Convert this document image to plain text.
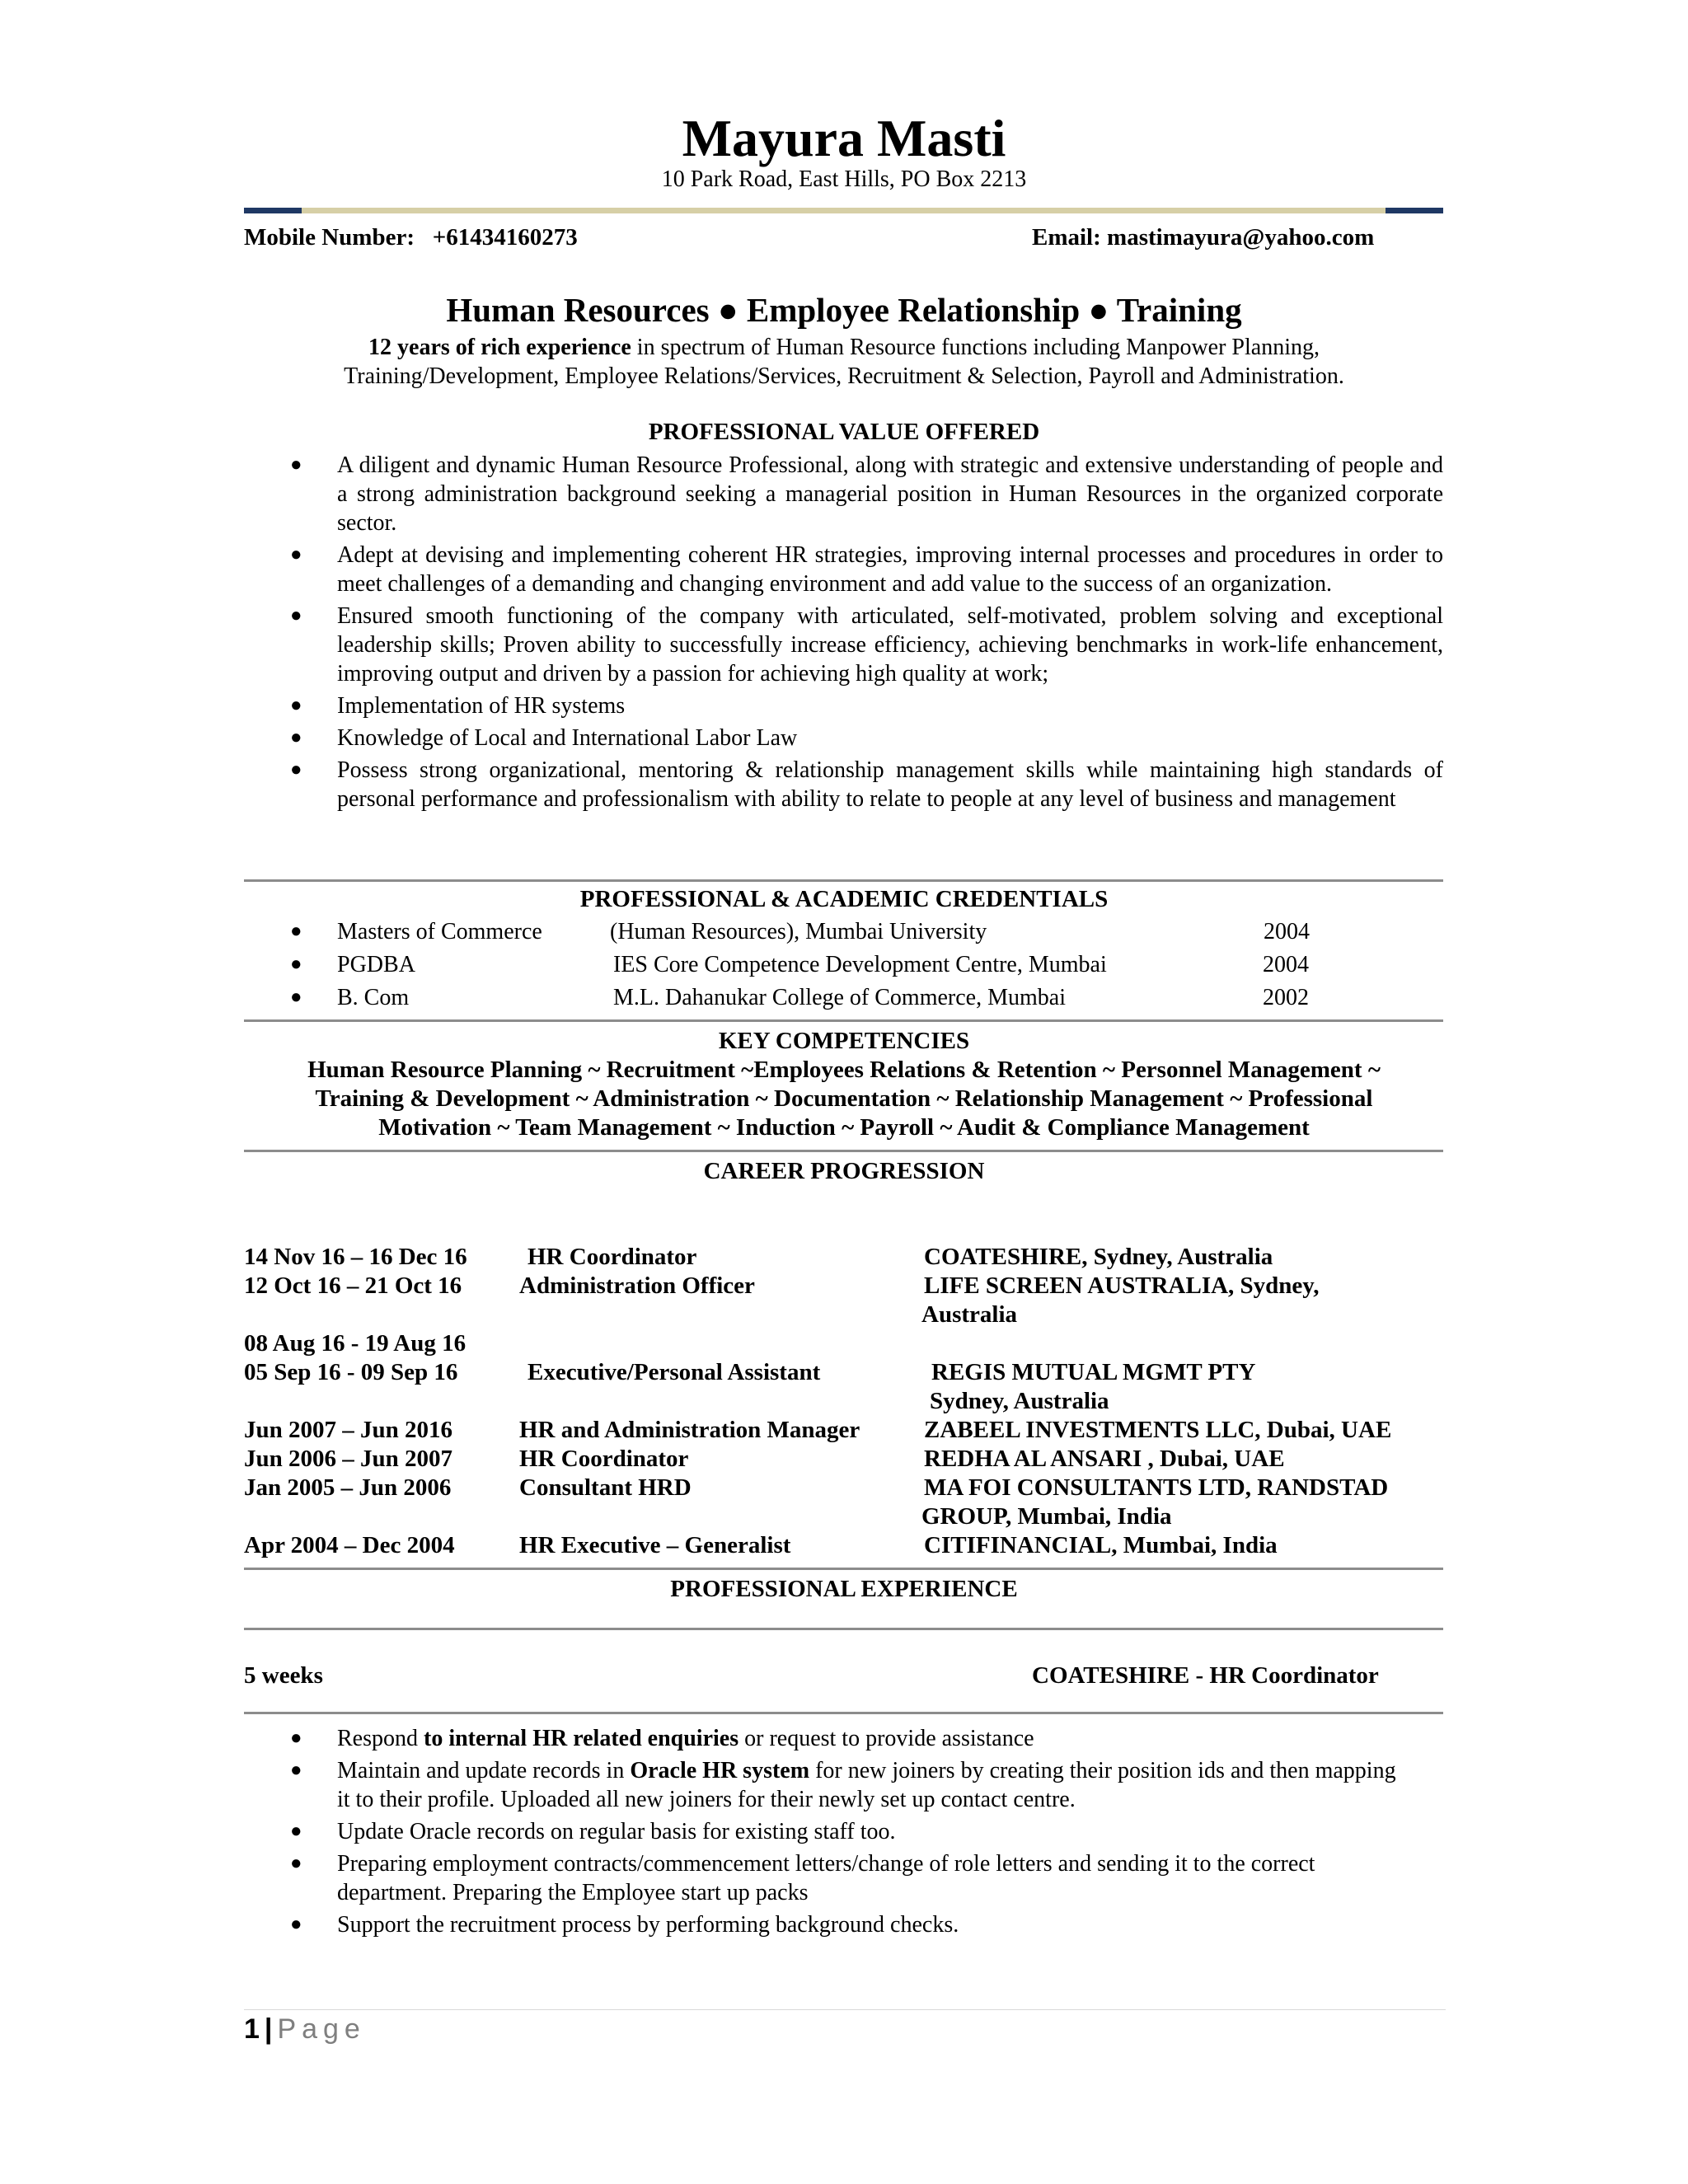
Mayura Masti
10 Park Road, East Hills, PO Box 2213
Mobile Number: +61434160273	Email: mastimayura@yahoo.com
Human Resources ● Employee Relationship ● Training
12 years of rich experience in spectrum of Human Resource functions including Manpower Planning,
Training/Development, Employee Relations/Services, Recruitment & Selection, Payroll and Administration.
PROFESSIONAL VALUE OFFERED
● A diligent and dynamic Human Resource Professional, along with strategic and extensive understanding of people and a strong administration background seeking a managerial position in Human Resources in the organized corporate sector.
● Adept at devising and implementing coherent HR strategies, improving internal processes and procedures in order to meet challenges of a demanding and changing environment and add value to the success of an organization.
● Ensured smooth functioning of the company with articulated, self-motivated, problem solving and exceptional leadership skills; Proven ability to successfully increase efficiency, achieving benchmarks in work-life enhancement, improving output and driven by a passion for achieving high quality at work;
● Implementation of HR systems
● Knowledge of Local and International Labor Law
● Possess strong organizational, mentoring & relationship management skills while maintaining high standards of personal performance and professionalism with ability to relate to people at any level of business and management
PROFESSIONAL & ACADEMIC CREDENTIALS
● Masters of Commerce	(Human Resources), Mumbai University	2004
● PGDBA	IES Core Competence Development Centre, Mumbai	2004
● B. Com	M.L. Dahanukar College of Commerce, Mumbai	2002
KEY COMPETENCIES
Human Resource Planning ~ Recruitment ~Employees Relations & Retention ~ Personnel Management ~
Training & Development ~ Administration ~ Documentation ~ Relationship Management ~ Professional
Motivation ~ Team Management ~ Induction ~ Payroll ~ Audit & Compliance Management
CAREER PROGRESSION
14 Nov 16 – 16 Dec 16	HR Coordinator	COATESHIRE, Sydney, Australia
12 Oct 16 – 21 Oct 16 Administration Officer	LIFE SCREEN AUSTRALIA, Sydney,
Australia
08 Aug 16 - 19 Aug 16
05 Sep 16 - 09 Sep 16	Executive/Personal Assistant	REGIS MUTUAL MGMT PTY
Sydney, Australia
Jun 2007 – Jun 2016	HR and Administration Manager	ZABEEL INVESTMENTS LLC, Dubai, UAE
Jun 2006 – Jun 2007	HR Coordinator	REDHA AL ANSARI , Dubai, UAE
Jan 2005 – Jun 2006	Consultant HRD	MA FOI CONSULTANTS LTD, RANDSTAD
GROUP, Mumbai, India
Apr 2004 – Dec 2004	HR Executive – Generalist	CITIFINANCIAL, Mumbai, India
PROFESSIONAL EXPERIENCE
5 weeks	COATESHIRE - HR Coordinator
● Respond to internal HR related enquiries or request to provide assistance
● Maintain and update records in Oracle HR system for new joiners by creating their position ids and then mapping it to their profile. Uploaded all new joiners for their newly set up contact centre.
● Update Oracle records on regular basis for existing staff too.
● Preparing employment contracts/commencement letters/change of role letters and sending it to the correct department. Preparing the Employee start up packs
● Support the recruitment process by performing background checks.
1 | Page
